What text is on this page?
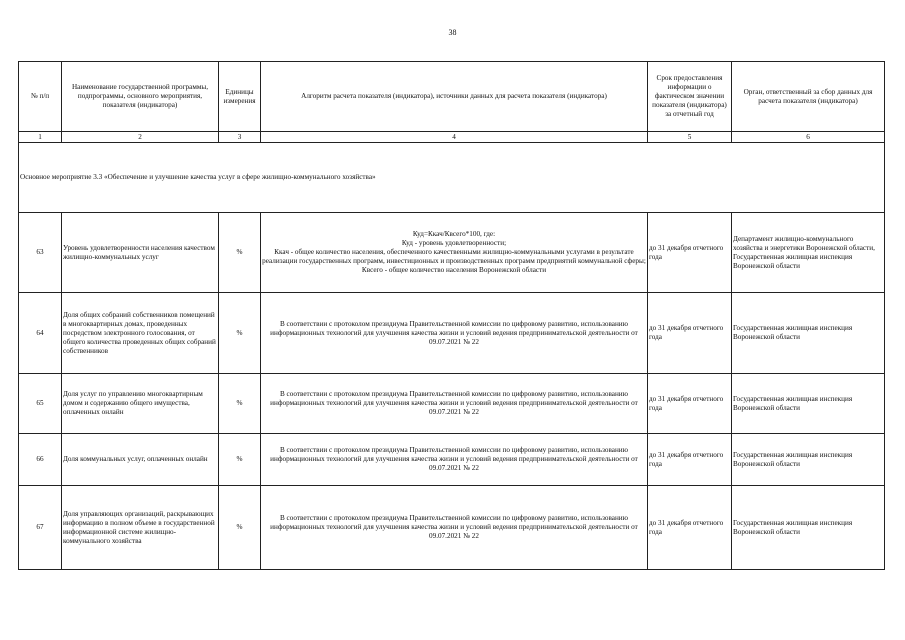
38
№ п/п	Наименование государственной программы, подпрограммы, основного мероприятия, показателя (индикатора)	Единицы измерения	Алгоритм расчета показателя (индикатора), источники данных для расчета показателя (индикатора)	Срок предоставления информации о фактическом значении показателя (индикатора) за отчетный год	Орган, ответственный за сбор данных для расчета показателя (индикатора)
1	2	3	4	5	6
Основное мероприятие 3.3 «Обеспечение и улучшение качества услуг в сфере жилищно-коммунального хозяйства»					
63	Уровень удовлетворенности населения качеством жилищно-коммунальных услуг	%	Куд=Ккач/Квсего*100, где:
Куд - уровень удовлетворенности;
Ккач - общее количество населения, обеспеченного качественными жилищно-коммунальными услугами в результате реализации государственных программ, инвестиционных и производственных программ предприятий коммунальной сферы;
Квсего - общее количество населения Воронежской области	до 31 декабря отчетного года	Департамент жилищно-коммунального хозяйства и энергетики Воронежской области, Государственная жилищная инспекция Воронежской области
64	Доля общих собраний собственников помещений в многоквартирных домах, проведенных посредством электронного голосования, от общего количества проведенных общих собраний собственников	%	В соответствии с протоколом президиума Правительственной комиссии по цифровому развитию, использованию информационных технологий для улучшения качества жизни и условий ведения предпринимательской деятельности от 09.07.2021 № 22	до 31 декабря отчетного года	Государственная жилищная инспекция Воронежской области
65	Доля услуг по управлению многоквартирным домом и содержанию общего имущества, оплаченных онлайн	%	В соответствии с протоколом президиума Правительственной комиссии по цифровому развитию, использованию информационных технологий для улучшения качества жизни и условий ведения предпринимательской деятельности от 09.07.2021 № 22	до 31 декабря отчетного года	Государственная жилищная инспекция Воронежской области
66	Доля коммунальных услуг, оплаченных онлайн	%	В соответствии с протоколом президиума Правительственной комиссии по цифровому развитию, использованию информационных технологий для улучшения качества жизни и условий ведения предпринимательской деятельности от 09.07.2021 № 22	до 31 декабря отчетного года	Государственная жилищная инспекция Воронежской области
67	Доля управляющих организаций, раскрывающих информацию в полном объеме в государственной информационной системе жилищно-коммунального хозяйства	%	В соответствии с протоколом президиума Правительственной комиссии по цифровому развитию, использованию информационных технологий для улучшения качества жизни и условий ведения предпринимательской деятельности от 09.07.2021 № 22	до 31 декабря отчетного года	Государственная жилищная инспекция Воронежской области
